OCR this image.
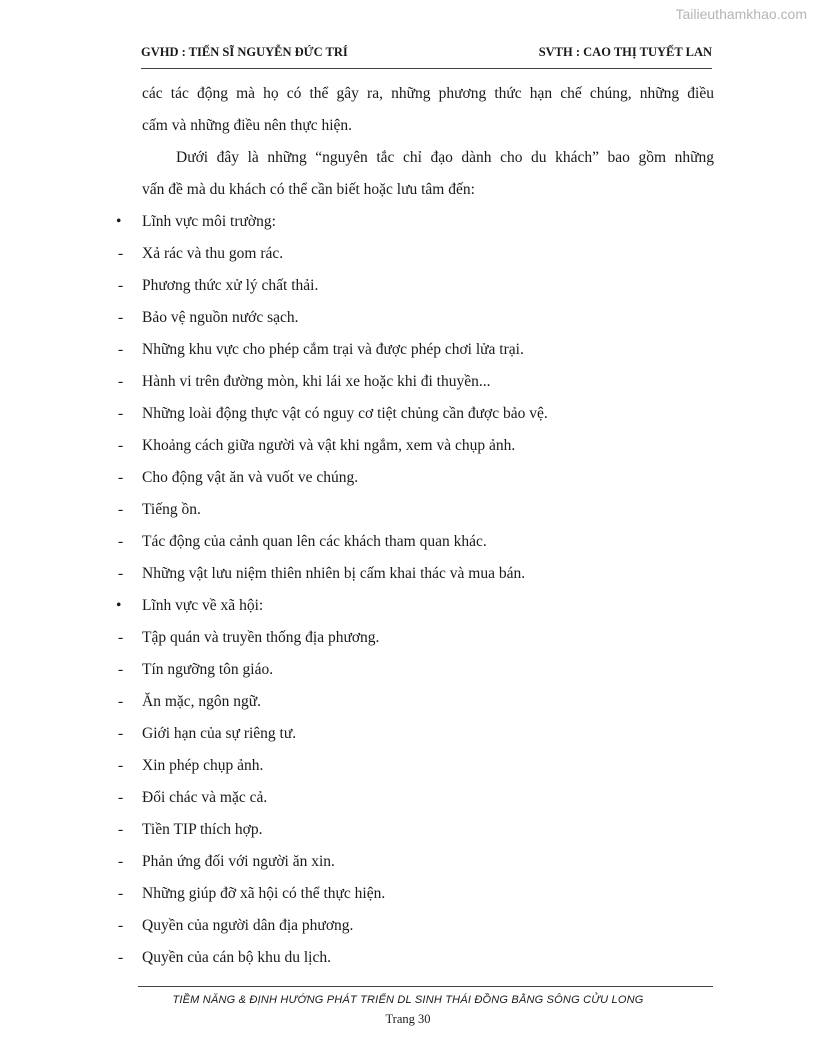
Tailieuthamkhao.com
GVHD : TIẾN SĨ NGUYỄN ĐỨC TRÍ	SVTH : CAO THỊ TUYẾT LAN
các tác động mà họ có thể gây ra, những phương thức hạn chế chúng, những điều
cấm và những điều nên thực hiện.
Dưới đây là những “nguyên tắc chỉ đạo dành cho du khách” bao gồm những
vấn đề mà du khách có thể cần biết hoặc lưu tâm đến:
•	Lĩnh vực môi trường:
-	Xả rác và thu gom rác.
-	Phương thức xử lý chất thải.
-	Bảo vệ nguồn nước sạch.
-	Những khu vực cho phép cắm trại và được phép chơi lửa trại.
-	Hành vi trên đường mòn, khi lái xe hoặc khi đi thuyền...
-	Những loài động thực vật có nguy cơ tiệt chủng cần được bảo vệ.
-	Khoảng cách giữa người và vật khi ngắm, xem và chụp ảnh.
-	Cho động vật ăn và vuốt ve chúng.
-	Tiếng ồn.
-	Tác động của cảnh quan lên các khách tham quan khác.
-	Những vật lưu niệm thiên nhiên bị cấm khai thác và mua bán.
•	Lĩnh vực về xã hội:
-	Tập quán và truyền thống địa phương.
-	Tín ngưỡng tôn giáo.
-	Ăn mặc, ngôn ngữ.
-	Giới hạn của sự riêng tư.
-	Xin phép chụp ảnh.
-	Đổi chác và mặc cả.
-	Tiền TIP thích hợp.
-	Phản ứng đối với người ăn xin.
-	Những giúp đỡ xã hội có thể thực hiện.
-	Quyền của người dân địa phương.
-	Quyền của cán bộ khu du lịch.
TIỀM NĂNG & ĐỊNH HƯỚNG PHÁT TRIỂN DL SINH THÁI ĐỒNG BẰNG SÔNG CỬU LONG
Trang 30
